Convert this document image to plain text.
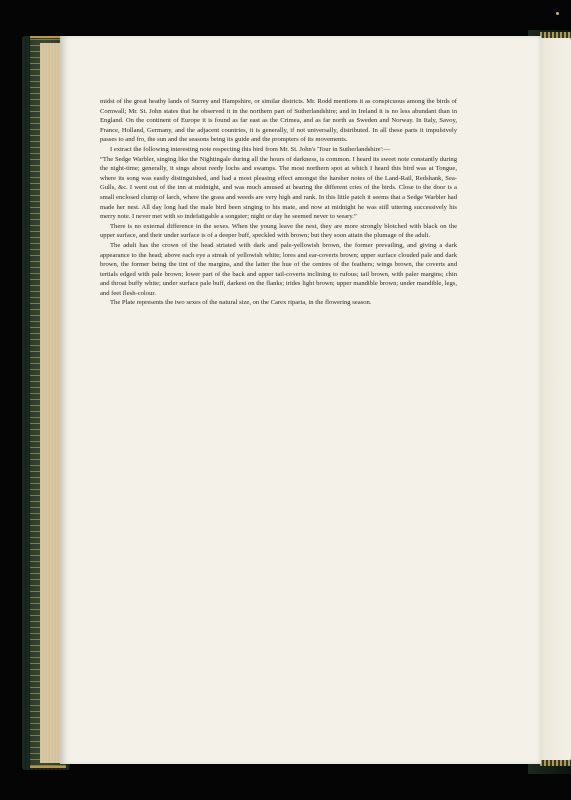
midst of the great heathy lands of Surrey and Hampshire, or similar districts. Mr. Rodd mentions it as conspicuous among the birds of Cornwall; Mr. St. John states that he observed it in the northern part of Sutherlandshire; and in Ireland it is no less abundant than in England. On the continent of Europe it is found as far east as the Crimea, and as far north as Sweden and Norway. In Italy, Savoy, France, Holland, Germany, and the adjacent countries, it is generally, if not universally, distributed. In all these parts it impulsively passes to and fro, the sun and the seasons being its guide and the prompters of its movements.

I extract the following interesting note respecting this bird from Mr. St. John's 'Tour in Sutherlandshire':—

“The Sedge Warbler, singing like the Nightingale during all the hours of darkness, is common. I heard its sweet note constantly during the night-time; generally, it sings about reedy lochs and swamps. The most northern spot at which I heard this bird was at Tongue, where its song was easily distinguished, and had a most pleasing effect amongst the harsher notes of the Land-Rail, Redshank, Sea-Gulls, &c. I went out of the inn at midnight, and was much amused at hearing the different cries of the birds. Close to the door is a small enclosed clump of larch, where the grass and weeds are very high and rank. In this little patch it seems that a Sedge Warbler had made her nest. All day long had the male bird been singing to his mate, and now at midnight he was still uttering successively his merry note. I never met with so indefatigable a songster; night or day he seemed never to weary.”

There is no external difference in the sexes. When the young leave the nest, they are more strongly blotched with black on the upper surface, and their under surface is of a deeper buff, speckled with brown; but they soon attain the plumage of the adult.

The adult has the crown of the head striated with dark and pale-yellowish brown, the former prevailing, and giving a dark appearance to the head; above each eye a streak of yellowish white; lores and ear-coverts brown; upper surface clouded pale and dark brown, the former being the tint of the margins, and the latter the hue of the centres of the feathers; wings brown, the coverts and tertials edged with pale brown; lower part of the back and upper tail-coverts inclining to rufous; tail brown, with paler margins; chin and throat buffy white; under surface pale buff, darkest on the flanks; irides light brown; upper mandible brown; under mandible, legs, and feet flesh-colour.

The Plate represents the two sexes of the natural size, on the Carex riparia, in the flowering season.
